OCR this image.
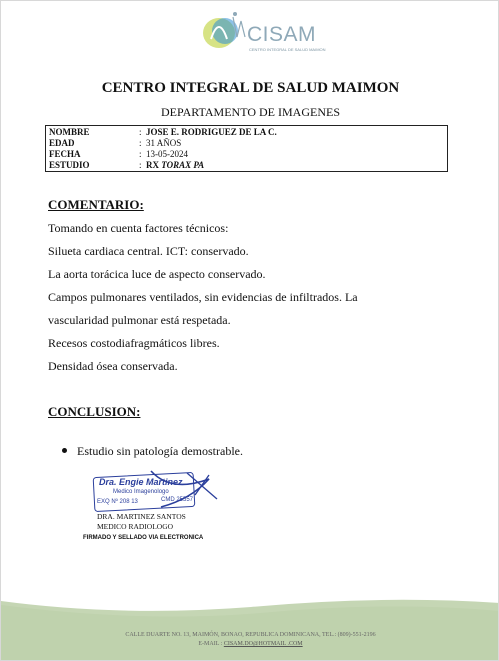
CISAM
CENTRO INTEGRAL DE SALUD MAIMON
CENTRO INTEGRAL DE SALUD MAIMON
DEPARTAMENTO DE IMAGENES
NOMBRE	: JOSE E. RODRIGUEZ DE LA C.
EDAD	: 31 AÑOS
FECHA	: 13-05-2024
ESTUDIO	: RX TORAX PA
COMENTARIO:
Tomando en cuenta factores técnicos:
Silueta cardiaca central. ICT: conservado.
La aorta torácica luce de aspecto conservado.
Campos pulmonares ventilados, sin evidencias de infiltrados. La
vascularidad pulmonar está respetada.
Recesos costodiafragmáticos libres.
Densidad ósea conservada.
CONCLUSION:
Estudio sin patología demostrable.
Dra. Engie Martinez
Medico Imagenologo
EXQ Nº 208 13	CMD 25557
DRA. MARTINEZ SANTOS
MEDICO RADIOLOGO
FIRMADO Y SELLADO VIA ELECTRONICA
CALLE DUARTE NO. 13, MAIMÓN, BONAO, REPUBLICA DOMINICANA, TEL.: (809)-551-2196
E-MAIL : CISAM.DO@HOTMAIL .COM
